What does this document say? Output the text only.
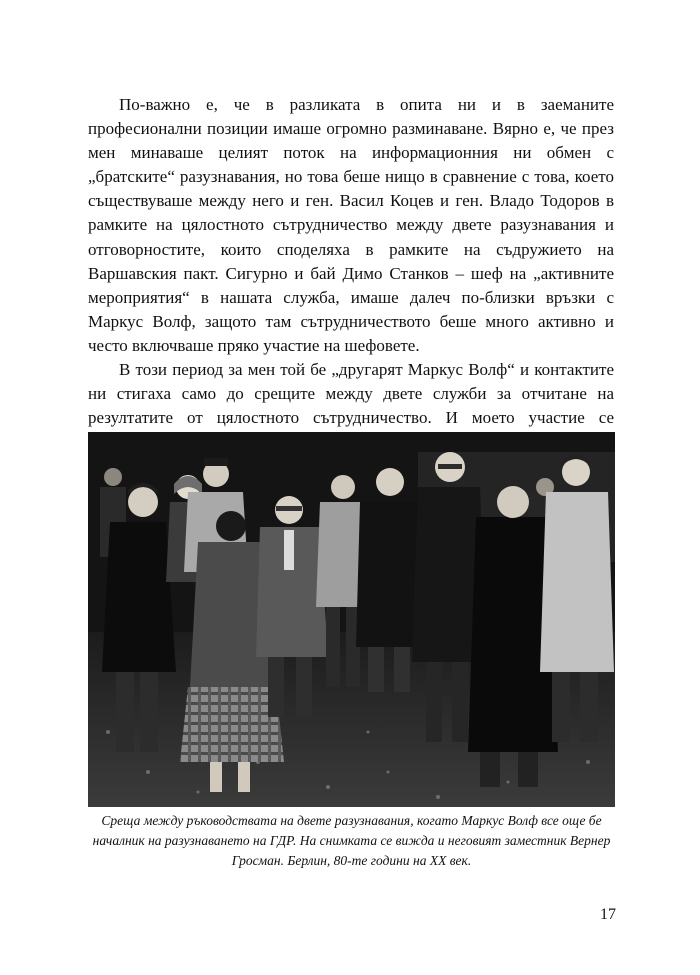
По-важно е, че в разликата в опита ни и в заеманите професионални позиции имаше огромно разминаване. Вярно е, че през мен минаваше целият поток на информационния ни обмен с „братските“ разузнавания, но това беше нищо в сравнение с това, което съществуваше между него и ген. Васил Коцев и ген. Владо Тодоров в рамките на цялостното сътрудничество между двете разузнавания и отговорностите, които споделяха в рамките на съдружието на Варшавския пакт. Сигурно и бай Димо Станков – шеф на „активните мероприятия“ в нашата служба, имаше далеч по-близки връзки с Маркус Волф, защото там сътрудничеството беше много активно и често включваше пряко участие на шефовете.

В този период за мен той бе „другарят Маркус Волф“ и контактите ни стигаха само до срещите между двете служби за отчитане на резултатите от цялостното сътрудничество. И моето участие се

Среща между ръководствата на двете разузнавания, когато Маркус Волф все още бе началник на разузнаването на ГДР. На снимката се вижда и неговият заместник Вернер Гросман. Берлин, 80-те години на XX век.
17
